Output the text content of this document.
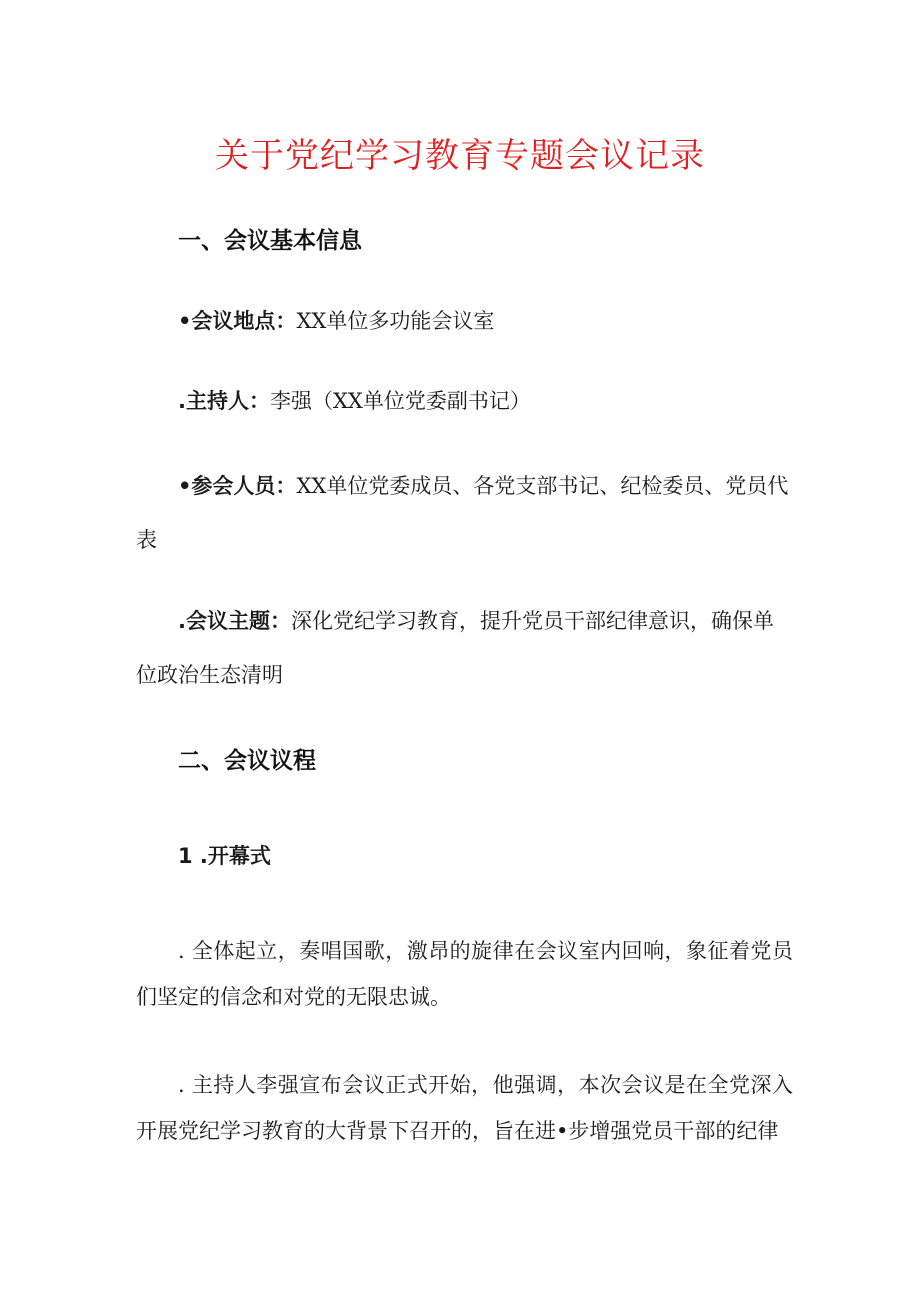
关于党纪学习教育专题会议记录
一、会议基本信息

•会议地点：XX单位多功能会议室

.主持人：李强（XX单位党委副书记）

•参会人员：XX单位党委成员、各党支部书记、纪检委员、党员代表

.会议主题：深化党纪学习教育，提升党员干部纪律意识，确保单位政治生态清明

二、会议议程
1 .开幕式

. 全体起立，奏唱国歌，激昂的旋律在会议室内回响，象征着党员们坚定的信念和对党的无限忠诚。

. 主持人李强宣布会议正式开始，他强调，本次会议是在全党深入开展党纪学习教育的大背景下召开的，旨在进•步增强党员干部的纪律
